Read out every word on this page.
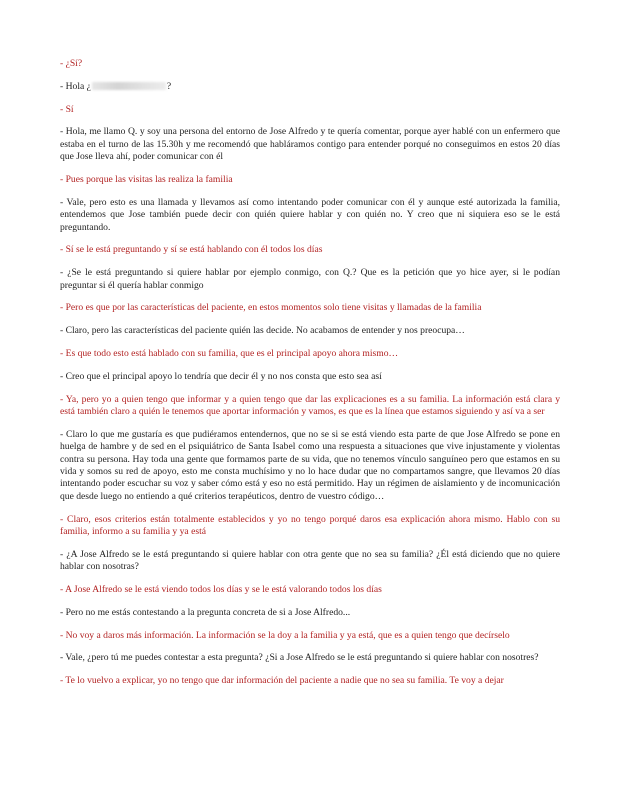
- ¿Sí?

- Hola ¿	?

- Sí

- Hola, me llamo Q. y soy una persona del entorno de Jose Alfredo y te quería comentar, porque ayer hablé con un enfermero que estaba en el turno de las 15.30h y me recomendó que habláramos contigo para entender porqué no conseguimos en estos 20 días que Jose lleva ahí, poder comunicar con él

- Pues porque las visitas las realiza la familia

- Vale, pero esto es una llamada y llevamos así como intentando poder comunicar con él y aunque esté autorizada la familia, entendemos que Jose también puede decir con quién quiere hablar y con quién no. Y creo que ni siquiera eso se le está preguntando.

- Sí se le está preguntando y sí se está hablando con él todos los días

- ¿Se le está preguntando si quiere hablar por ejemplo conmigo, con Q.? Que es la petición que yo hice ayer, si le podían preguntar si él quería hablar conmigo

- Pero es que por las características del paciente, en estos momentos solo tiene visitas y llamadas de la familia

- Claro, pero las características del paciente quién las decide. No acabamos de entender y nos preocupa…

- Es que todo esto está hablado con su familia, que es el principal apoyo ahora mismo…

- Creo que el principal apoyo lo tendría que decir él y no nos consta que esto sea así

- Ya, pero yo a quien tengo que informar y a quien tengo que dar las explicaciones es a su familia. La información está clara y está también claro a quién le tenemos que aportar información y vamos, es que es la línea que estamos siguiendo y así va a ser

- Claro lo que me gustaría es que pudiéramos entendernos, que no se si se está viendo esta parte de que Jose Alfredo se pone en huelga de hambre y de sed en el psiquiátrico de Santa Isabel como una respuesta a situaciones que vive injustamente y violentas contra su persona. Hay toda una gente que formamos parte de su vida, que no tenemos vínculo sanguíneo pero que estamos en su vida y somos su red de apoyo, esto me consta muchísimo y no lo hace dudar que no compartamos sangre, que llevamos 20 días intentando poder escuchar su voz y saber cómo está y eso no está permitido. Hay un régimen de aislamiento y de incomunicación que desde luego no entiendo a qué criterios terapéuticos, dentro de vuestro código…

- Claro, esos criterios están totalmente establecidos y yo no tengo porqué daros esa explicación ahora mismo. Hablo con su familia, informo a su familia y ya está

- ¿A Jose Alfredo se le está preguntando si quiere hablar con otra gente que no sea su familia? ¿Él está diciendo que no quiere hablar con nosotras?

- A Jose Alfredo se le está viendo todos los días y se le está valorando todos los días

- Pero no me estás contestando a la pregunta concreta de si a Jose Alfredo...

- No voy a daros más información. La información se la doy a la familia y ya está, que es a quien tengo que decírselo

- Vale, ¿pero tú me puedes contestar a esta pregunta? ¿Si a Jose Alfredo se le está preguntando si quiere hablar con nosotres?

- Te lo vuelvo a explicar, yo no tengo que dar información del paciente a nadie que no sea su familia. Te voy a dejar
